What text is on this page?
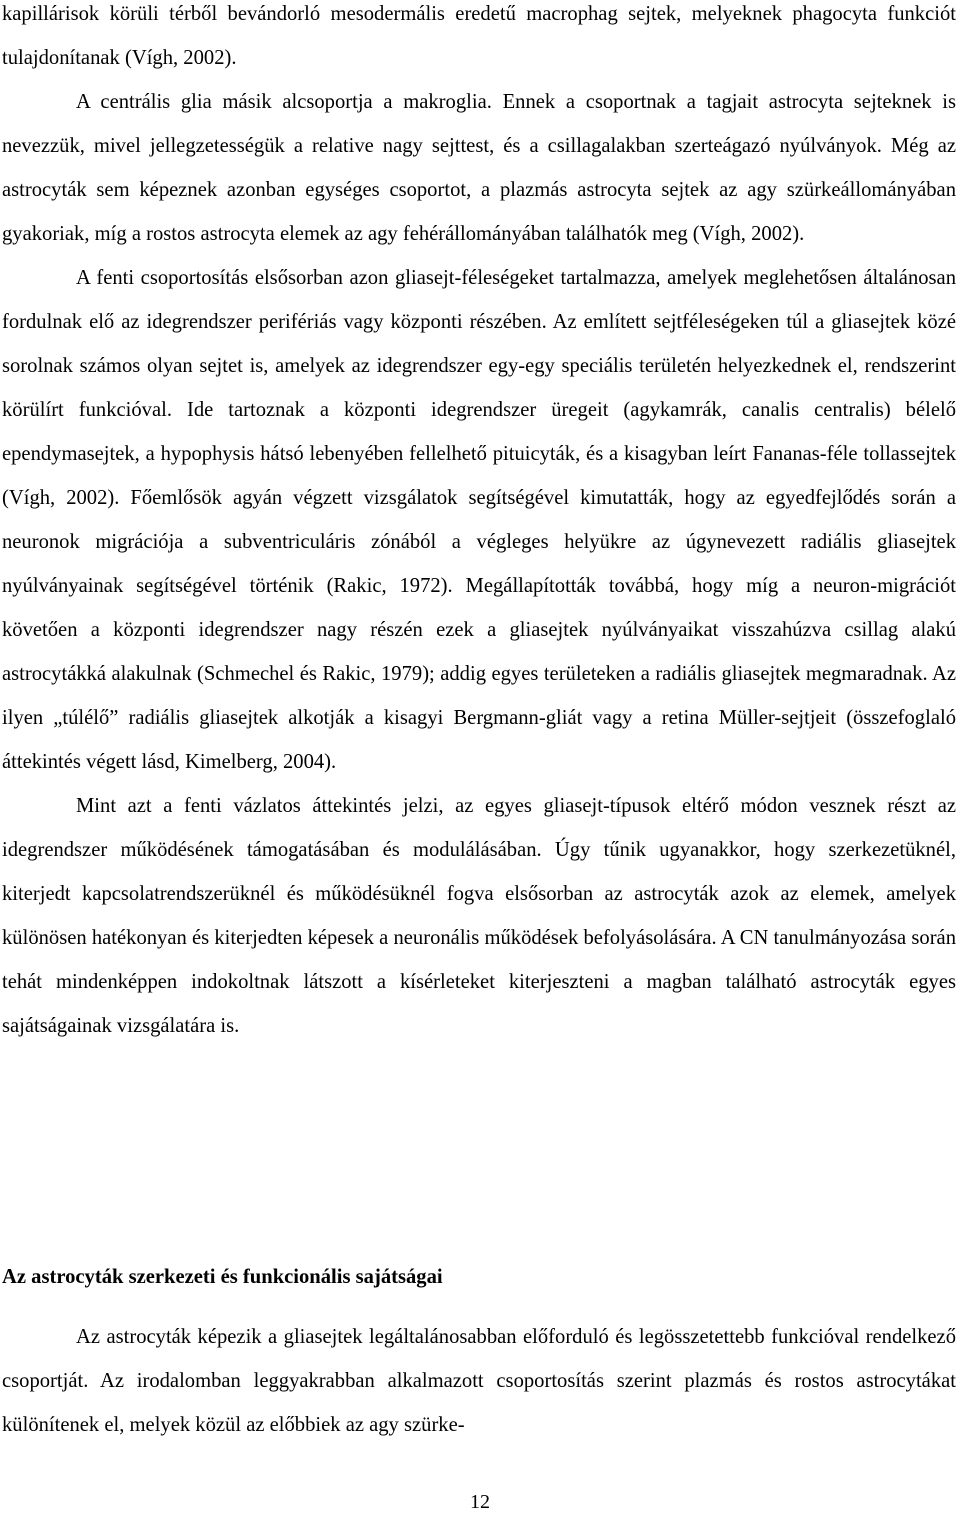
kapillárisok körüli térből bevándorló mesodermális eredetű macrophag sejtek, melyeknek phagocyta funkciót tulajdonítanak (Vígh, 2002).

A centrális glia másik alcsoportja a makroglia. Ennek a csoportnak a tagjait astrocyta sejteknek is nevezzük, mivel jellegzetességük a relative nagy sejttest, és a csillagalakban szerteágazó nyúlványok. Még az astrocyták sem képeznek azonban egységes csoportot, a plazmás astrocyta sejtek az agy szürkeállományában gyakoriak, míg a rostos astrocyta elemek az agy fehérállományában találhatók meg (Vígh, 2002).

A fenti csoportosítás elsősorban azon gliasejt-féleségeket tartalmazza, amelyek meglehetősen általánosan fordulnak elő az idegrendszer perifériás vagy központi részében. Az említett sejtféleségeken túl a gliasejtek közé sorolnak számos olyan sejtet is, amelyek az idegrendszer egy-egy speciális területén helyezkednek el, rendszerint körülírt funkcióval. Ide tartoznak a központi idegrendszer üregeit (agykamrák, canalis centralis) bélelő ependymasejtek, a hypophysis hátsó lebenyében fellelhető pituicyták, és a kisagyban leírt Fananas-féle tollassejtek (Vígh, 2002). Főemlősök agyán végzett vizsgálatok segítségével kimutatták, hogy az egyedfejlődés során a neuronok migrációja a subventriculáris zónából a végleges helyükre az úgynevezett radiális gliasejtek nyúlványainak segítségével történik (Rakic, 1972). Megállapították továbbá, hogy míg a neuron-migrációt követően a központi idegrendszer nagy részén ezek a gliasejtek nyúlványaikat visszahúzva csillag alakú astrocytákká alakulnak (Schmechel és Rakic, 1979); addig egyes területeken a radiális gliasejtek megmaradnak. Az ilyen „túlélő” radiális gliasejtek alkotják a kisagyi Bergmann-gliát vagy a retina Müller-sejtjeit (összefoglaló áttekintés végett lásd, Kimelberg, 2004).

Mint azt a fenti vázlatos áttekintés jelzi, az egyes gliasejt-típusok eltérő módon vesznek részt az idegrendszer működésének támogatásában és modulálásában. Úgy tűnik ugyanakkor, hogy szerkezetüknél, kiterjedt kapcsolatrendszerüknél és működésüknél fogva elsősorban az astrocyták azok az elemek, amelyek különösen hatékonyan és kiterjedten képesek a neuronális működések befolyásolására. A CN tanulmányozása során tehát mindenképpen indokoltnak látszott a kísérleteket kiterjeszteni a magban található astrocyták egyes sajátságainak vizsgálatára is.

Az astrocyták szerkezeti és funkcionális sajátságai

Az astrocyták képezik a gliasejtek legáltalánosabban előforduló és legösszetettebb funkcióval rendelkező csoportját. Az irodalomban leggyakrabban alkalmazott csoportosítás szerint plazmás és rostos astrocytákat különítenek el, melyek közül az előbbiek az agy szürke-

12
